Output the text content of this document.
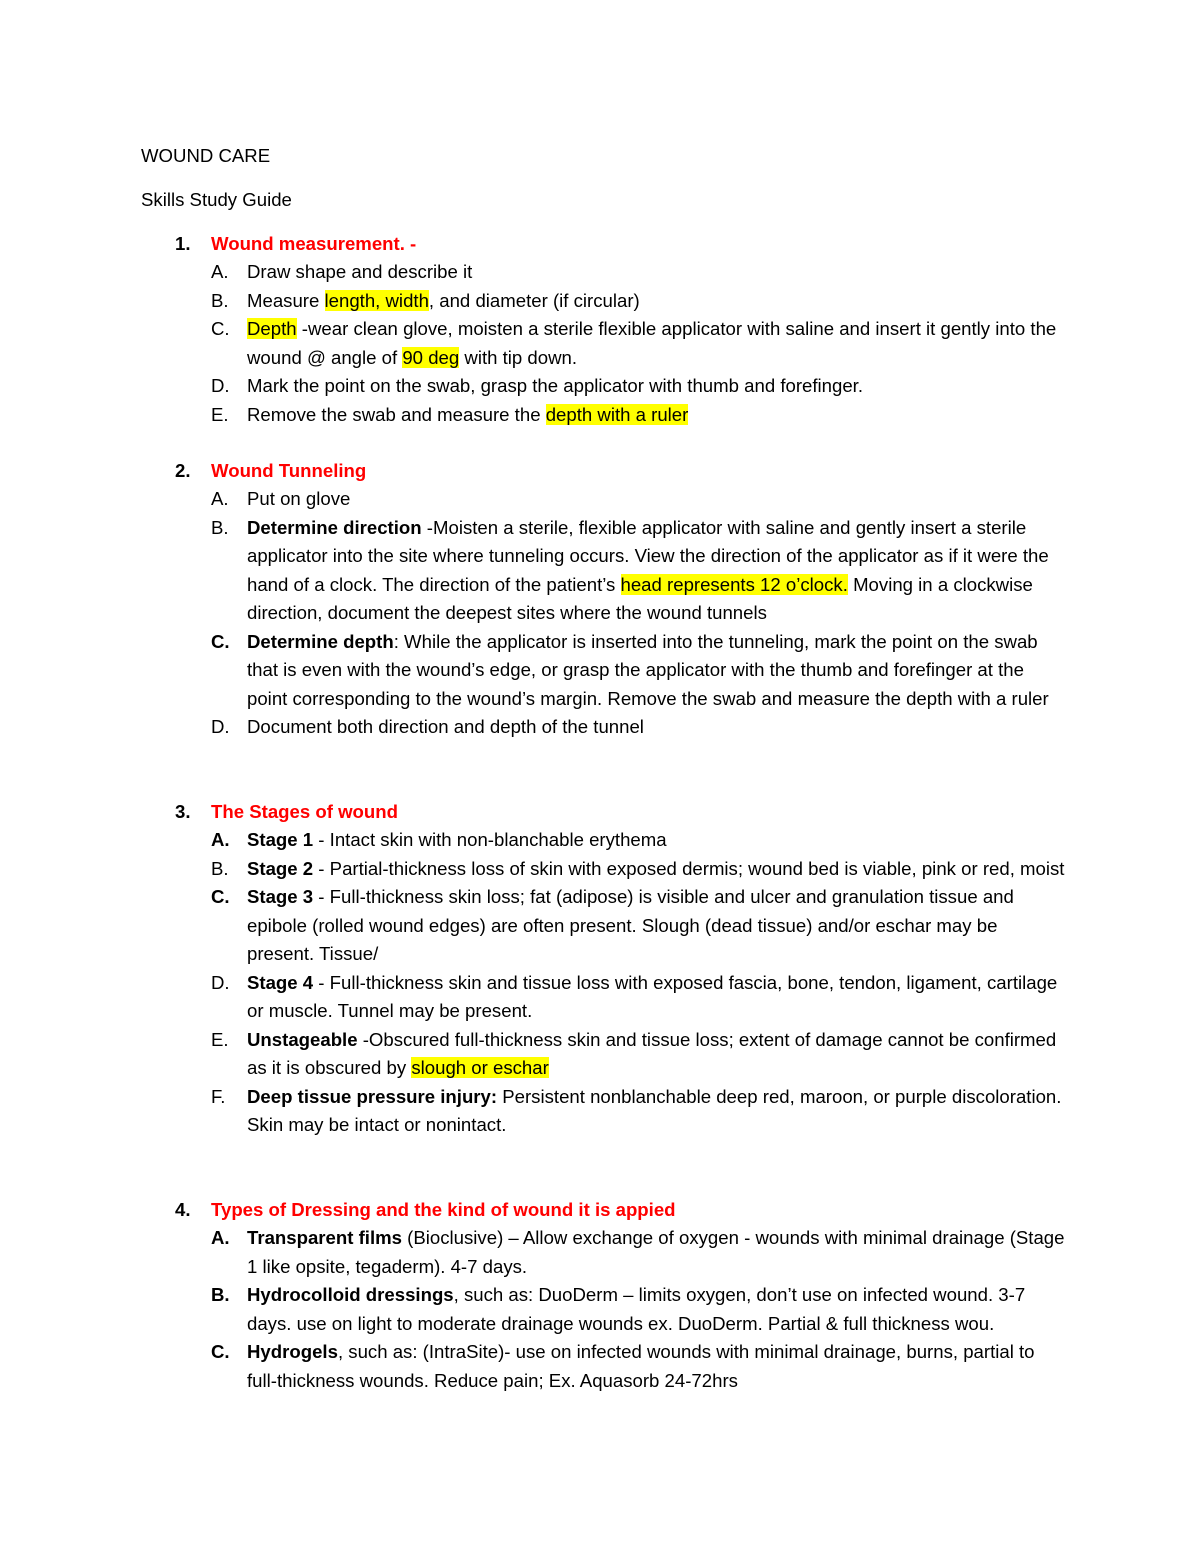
WOUND CARE
Skills Study Guide
1. Wound measurement. -
A. Draw shape and describe it
B. Measure length, width, and diameter (if circular)
C. Depth -wear clean glove, moisten a sterile flexible applicator with saline and insert it gently into the wound @ angle of 90 deg with tip down.
D. Mark the point on the swab, grasp the applicator with thumb and forefinger.
E. Remove the swab and measure the depth with a ruler
2. Wound Tunneling
A. Put on glove
B. Determine direction -Moisten a sterile, flexible applicator with saline and gently insert a sterile applicator into the site where tunneling occurs. View the direction of the applicator as if it were the hand of a clock. The direction of the patient’s head represents 12 o’clock. Moving in a clockwise direction, document the deepest sites where the wound tunnels
C. Determine depth: While the applicator is inserted into the tunneling, mark the point on the swab that is even with the wound’s edge, or grasp the applicator with the thumb and forefinger at the point corresponding to the wound’s margin. Remove the swab and measure the depth with a ruler
D. Document both direction and depth of the tunnel
3. The Stages of wound
A. Stage 1 - Intact skin with non-blanchable erythema
B. Stage 2 - Partial-thickness loss of skin with exposed dermis; wound bed is viable, pink or red, moist
C. Stage 3 - Full-thickness skin loss; fat (adipose) is visible and ulcer and granulation tissue and epibole (rolled wound edges) are often present. Slough (dead tissue) and/or eschar may be present. Tissue/
D. Stage 4 - Full-thickness skin and tissue loss with exposed fascia, bone, tendon, ligament, cartilage or muscle. Tunnel may be present.
E. Unstageable -Obscured full-thickness skin and tissue loss; extent of damage cannot be confirmed as it is obscured by slough or eschar
F. Deep tissue pressure injury: Persistent nonblanchable deep red, maroon, or purple discoloration. Skin may be intact or nonintact.
4. Types of Dressing and the kind of wound it is appied
A. Transparent films (Bioclusive) – Allow exchange of oxygen - wounds with minimal drainage (Stage 1 like opsite, tegaderm). 4-7 days.
B. Hydrocolloid dressings, such as: DuoDerm – limits oxygen, don’t use on infected wound. 3-7 days. use on light to moderate drainage wounds ex. DuoDerm. Partial & full thickness wou.
C. Hydrogels, such as: (IntraSite)- use on infected wounds with minimal drainage, burns, partial to full-thickness wounds. Reduce pain; Ex. Aquasorb 24-72hrs
